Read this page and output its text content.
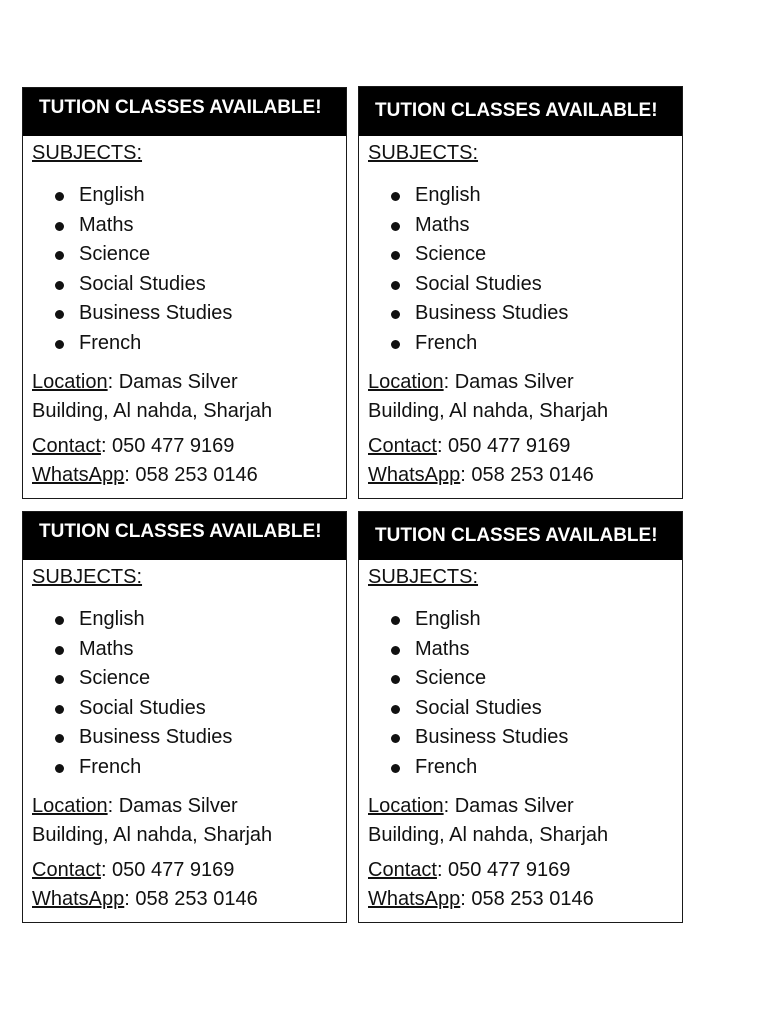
TUTION CLASSES AVAILABLE!
SUBJECTS:
English
Maths
Science
Social Studies
Business Studies
French
Location: Damas Silver
Building, Al nahda, Sharjah
Contact: 050 477 9169
WhatsApp: 058 253 0146
TUTION CLASSES AVAILABLE!
SUBJECTS:
English
Maths
Science
Social Studies
Business Studies
French
Location: Damas Silver
Building, Al nahda, Sharjah
Contact: 050 477 9169
WhatsApp: 058 253 0146
TUTION CLASSES AVAILABLE!
SUBJECTS:
English
Maths
Science
Social Studies
Business Studies
French
Location: Damas Silver
Building, Al nahda, Sharjah
Contact: 050 477 9169
WhatsApp: 058 253 0146
TUTION CLASSES AVAILABLE!
SUBJECTS:
English
Maths
Science
Social Studies
Business Studies
French
Location: Damas Silver
Building, Al nahda, Sharjah
Contact: 050 477 9169
WhatsApp: 058 253 0146
